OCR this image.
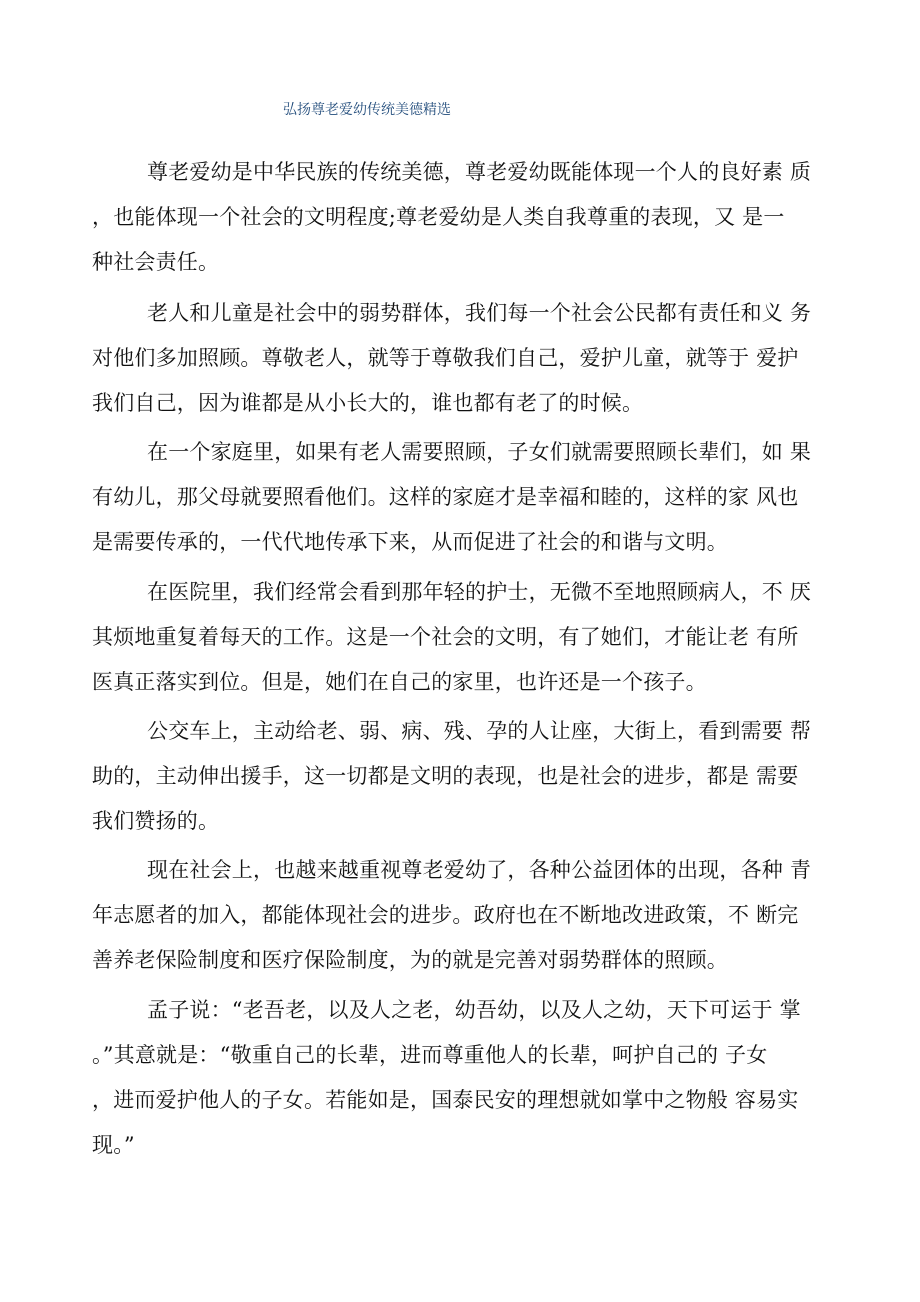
弘扬尊老爱幼传统美德精选
尊老爱幼是中华民族的传统美德，尊老爱幼既能体现一个人的良好素 质
，也能体现一个社会的文明程度;尊老爱幼是人类自我尊重的表现，又 是一
种社会责任。
老人和儿童是社会中的弱势群体，我们每一个社会公民都有责任和义 务
对他们多加照顾。尊敬老人，就等于尊敬我们自己，爱护儿童，就等于 爱护
我们自己，因为谁都是从小长大的，谁也都有老了的时候。
在一个家庭里，如果有老人需要照顾，子女们就需要照顾长辈们，如 果
有幼儿，那父母就要照看他们。这样的家庭才是幸福和睦的，这样的家 风也
是需要传承的，一代代地传承下来，从而促进了社会的和谐与文明。
在医院里，我们经常会看到那年轻的护士，无微不至地照顾病人，不 厌
其烦地重复着每天的工作。这是一个社会的文明，有了她们，才能让老 有所
医真正落实到位。但是，她们在自己的家里，也许还是一个孩子。
公交车上，主动给老、弱、病、残、孕的人让座，大街上，看到需要 帮
助的，主动伸出援手，这一切都是文明的表现，也是社会的进步，都是 需要
我们赞扬的。
现在社会上，也越来越重视尊老爱幼了，各种公益团体的出现，各种 青
年志愿者的加入，都能体现社会的进步。政府也在不断地改进政策，不 断完
善养老保险制度和医疗保险制度，为的就是完善对弱势群体的照顾。
孟子说：“老吾老，以及人之老，幼吾幼，以及人之幼，天下可运于 掌
。”其意就是：“敬重自己的长辈，进而尊重他人的长辈，呵护自己的 子女
，进而爱护他人的子女。若能如是，国泰民安的理想就如掌中之物般 容易实
现。”
